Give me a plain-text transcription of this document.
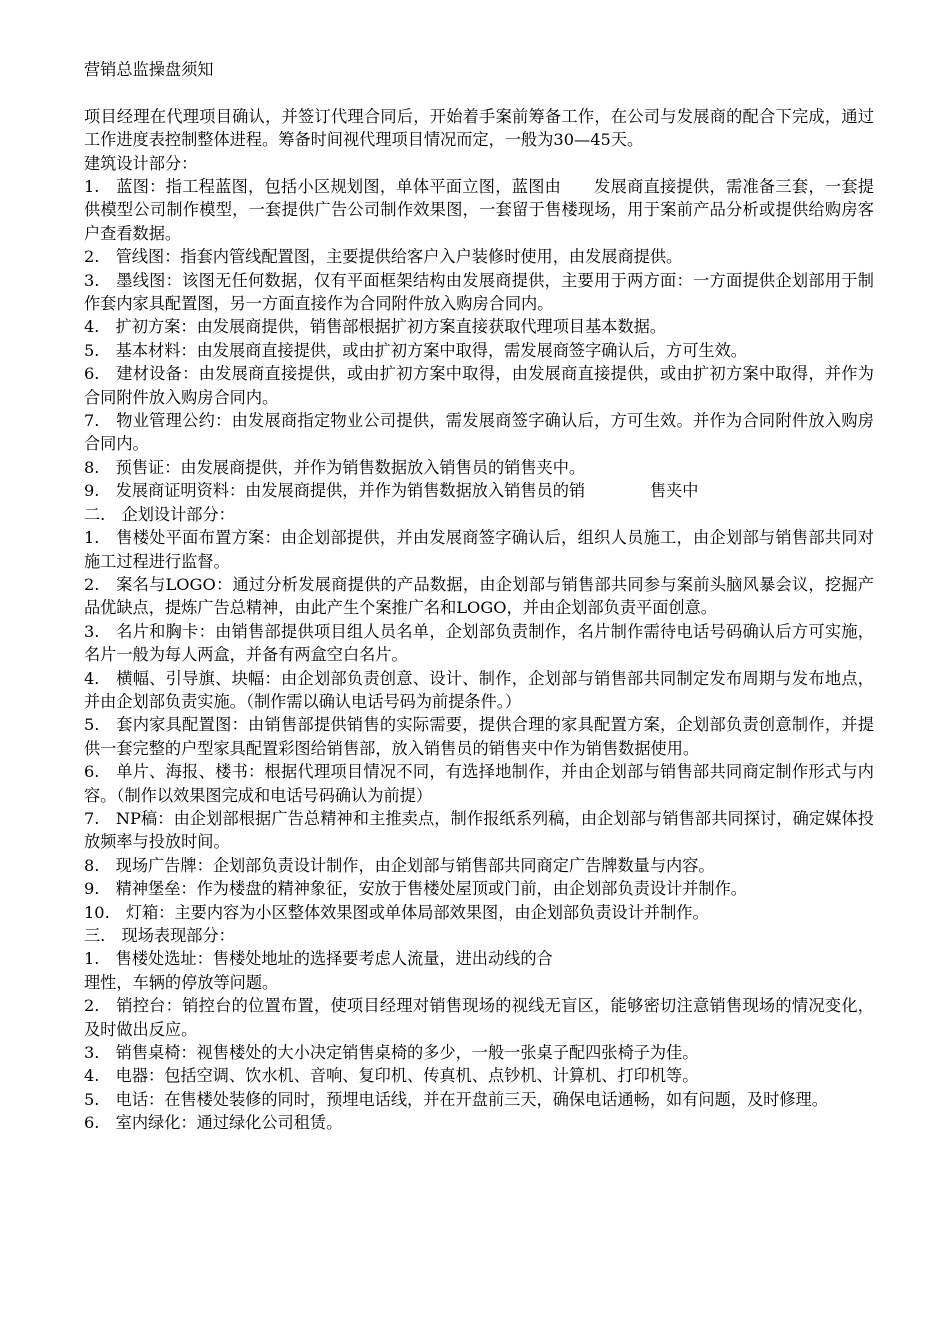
营销总监操盘须知

项目经理在代理项目确认，并签订代理合同后，开始着手案前筹备工作，在公司与发展商的配合下完成，通过工作进度表控制整体进程。筹备时间视代理项目情况而定，一般为30—45天。

建筑设计部分：

1.　蓝图：指工程蓝图，包括小区规划图，单体平面立图，蓝图由　　发展商直接提供，需准备三套，一套提供模型公司制作模型，一套提供广告公司制作效果图，一套留于售楼现场，用于案前产品分析或提供给购房客户查看数据。

2.　管线图：指套内管线配置图，主要提供给客户入户装修时使用，由发展商提供。

3.　墨线图：该图无任何数据，仅有平面框架结构由发展商提供，主要用于两方面：一方面提供企划部用于制作套内家具配置图，另一方面直接作为合同附件放入购房合同内。

4.　扩初方案：由发展商提供，销售部根据扩初方案直接获取代理项目基本数据。

5.　基本材料：由发展商直接提供，或由扩初方案中取得，需发展商签字确认后，方可生效。

6.　建材设备：由发展商直接提供，或由扩初方案中取得，由发展商直接提供，或由扩初方案中取得，并作为合同附件放入购房合同内。

7.　物业管理公约：由发展商指定物业公司提供，需发展商签字确认后，方可生效。并作为合同附件放入购房合同内。

8.　预售证：由发展商提供，并作为销售数据放入销售员的销售夹中。

9.　发展商证明资料：由发展商提供，并作为销售数据放入销售员的销　　　　售夹中

二.　企划设计部分：

1.　售楼处平面布置方案：由企划部提供，并由发展商签字确认后，组织人员施工，由企划部与销售部共同对施工过程进行监督。

2.　案名与LOGO：通过分析发展商提供的产品数据，由企划部与销售部共同参与案前头脑风暴会议，挖掘产品优缺点，提炼广告总精神，由此产生个案推广名和LOGO，并由企划部负责平面创意。

3.　名片和胸卡：由销售部提供项目组人员名单，企划部负责制作，名片制作需待电话号码确认后方可实施，名片一般为每人两盒，并备有两盒空白名片。

4.　横幅、引导旗、块幅：由企划部负责创意、设计、制作，企划部与销售部共同制定发布周期与发布地点，并由企划部负责实施。（制作需以确认电话号码为前提条件。）

5.　套内家具配置图：由销售部提供销售的实际需要，提供合理的家具配置方案，企划部负责创意制作，并提供一套完整的户型家具配置彩图给销售部，放入销售员的销售夹中作为销售数据使用。

6.　单片、海报、楼书：根据代理项目情况不同，有选择地制作，并由企划部与销售部共同商定制作形式与内容。（制作以效果图完成和电话号码确认为前提）

7.　NP稿：由企划部根据广告总精神和主推卖点，制作报纸系列稿，由企划部与销售部共同探讨，确定媒体投放频率与投放时间。

8.　现场广告牌：企划部负责设计制作，由企划部与销售部共同商定广告牌数量与内容。

9.　精神堡垒：作为楼盘的精神象征，安放于售楼处屋顶或门前，由企划部负责设计并制作。

10.　灯箱：主要内容为小区整体效果图或单体局部效果图，由企划部负责设计并制作。

三.　现场表现部分：

1.　售楼处选址：售楼处地址的选择要考虑人流量，进出动线的合

理性，车辆的停放等问题。

2.　销控台：销控台的位置布置，使项目经理对销售现场的视线无盲区，能够密切注意销售现场的情况变化，及时做出反应。

3.　销售桌椅：视售楼处的大小决定销售桌椅的多少，一般一张桌子配四张椅子为佳。

4.　电器：包括空调、饮水机、音响、复印机、传真机、点钞机、计算机、打印机等。

5.　电话：在售楼处装修的同时，预埋电话线，并在开盘前三天，确保电话通畅，如有问题，及时修理。

6.　室内绿化：通过绿化公司租赁。
